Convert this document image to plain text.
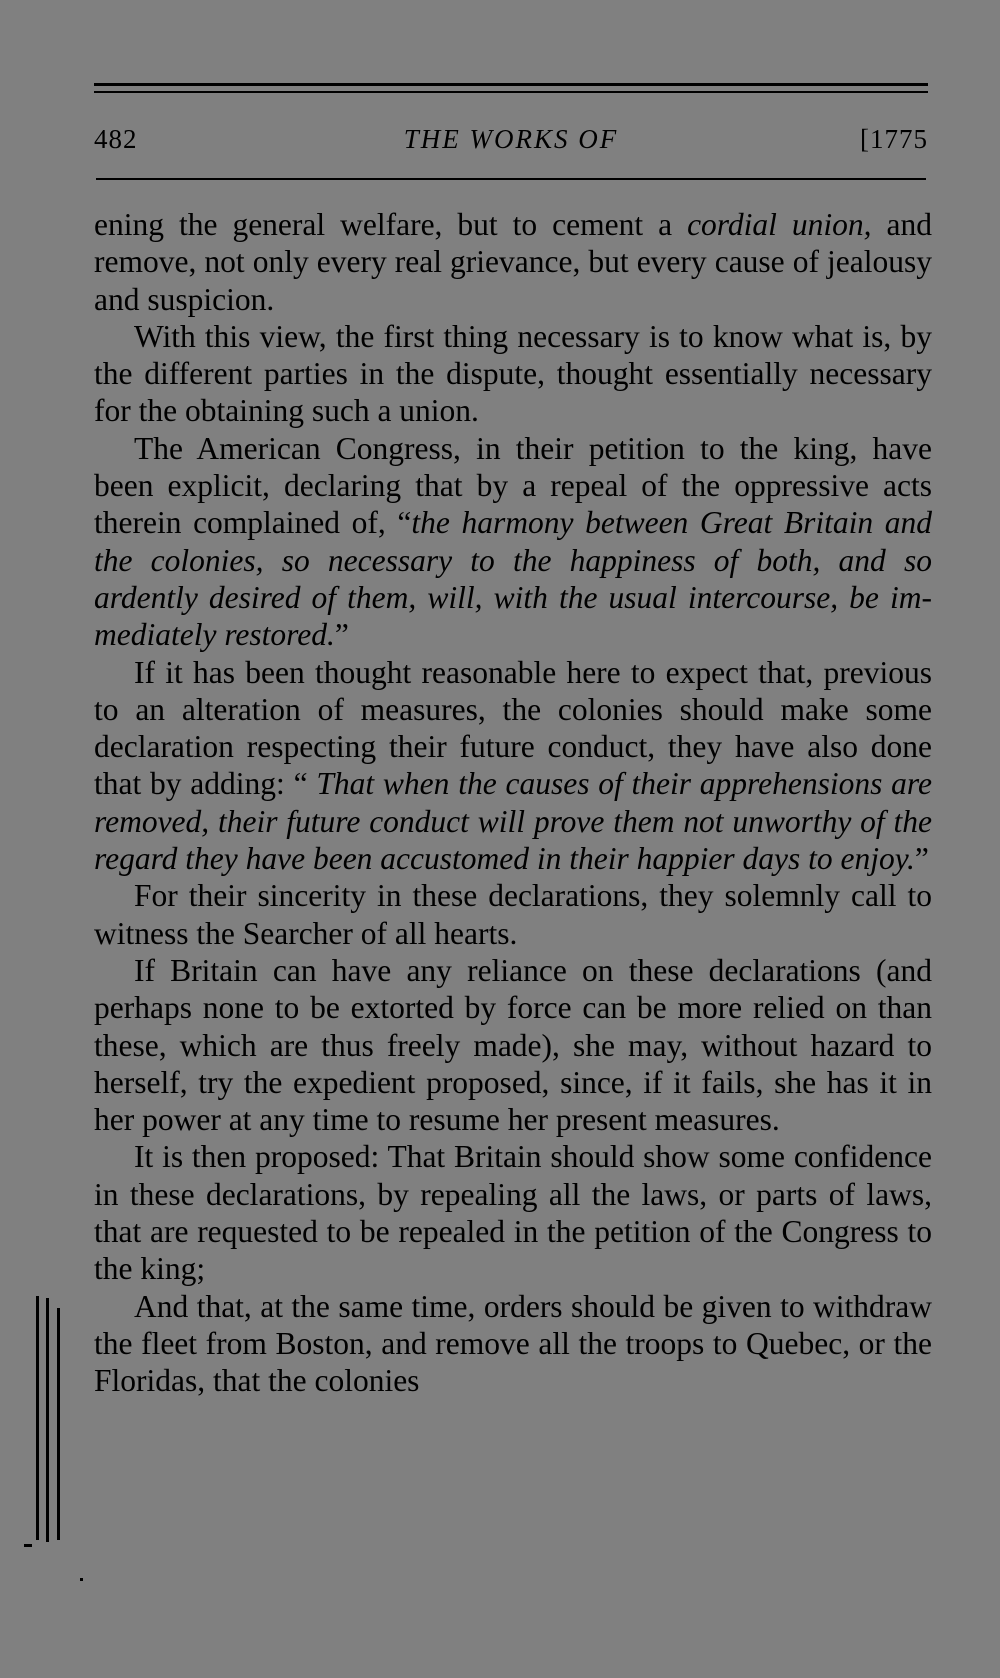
482	THE WORKS OF	[1775

ening the general welfare, but to cement a cordial union, and remove, not only every real grievance, but every cause of jealousy and suspicion.

With this view, the first thing necessary is to know what is, by the different parties in the dispute, thought essentially necessary for the obtaining such a union.

The American Congress, in their petition to the king, have been explicit, declaring that by a repeal of the oppressive acts therein complained of, “the harmony between Great Britain and the colonies, so necessary to the happiness of both, and so ardently desired of them, will, with the usual intercourse, be immediately restored.”

If it has been thought reasonable here to expect that, previous to an alteration of measures, the colonies should make some declaration respecting their future conduct, they have also done that by adding: “ That when the causes of their apprehensions are removed, their future conduct will prove them not unworthy of the regard they have been accustomed in their happier days to enjoy.”

For their sincerity in these declarations, they solemnly call to witness the Searcher of all hearts.

If Britain can have any reliance on these declarations (and perhaps none to be extorted by force can be more relied on than these, which are thus freely made), she may, without hazard to herself, try the expedient proposed, since, if it fails, she has it in her power at any time to resume her present measures.

It is then proposed: That Britain should show some confidence in these declarations, by repealing all the laws, or parts of laws, that are requested to be repealed in the petition of the Congress to the king;

And that, at the same time, orders should be given to withdraw the fleet from Boston, and remove all the troops to Quebec, or the Floridas, that the colonies
